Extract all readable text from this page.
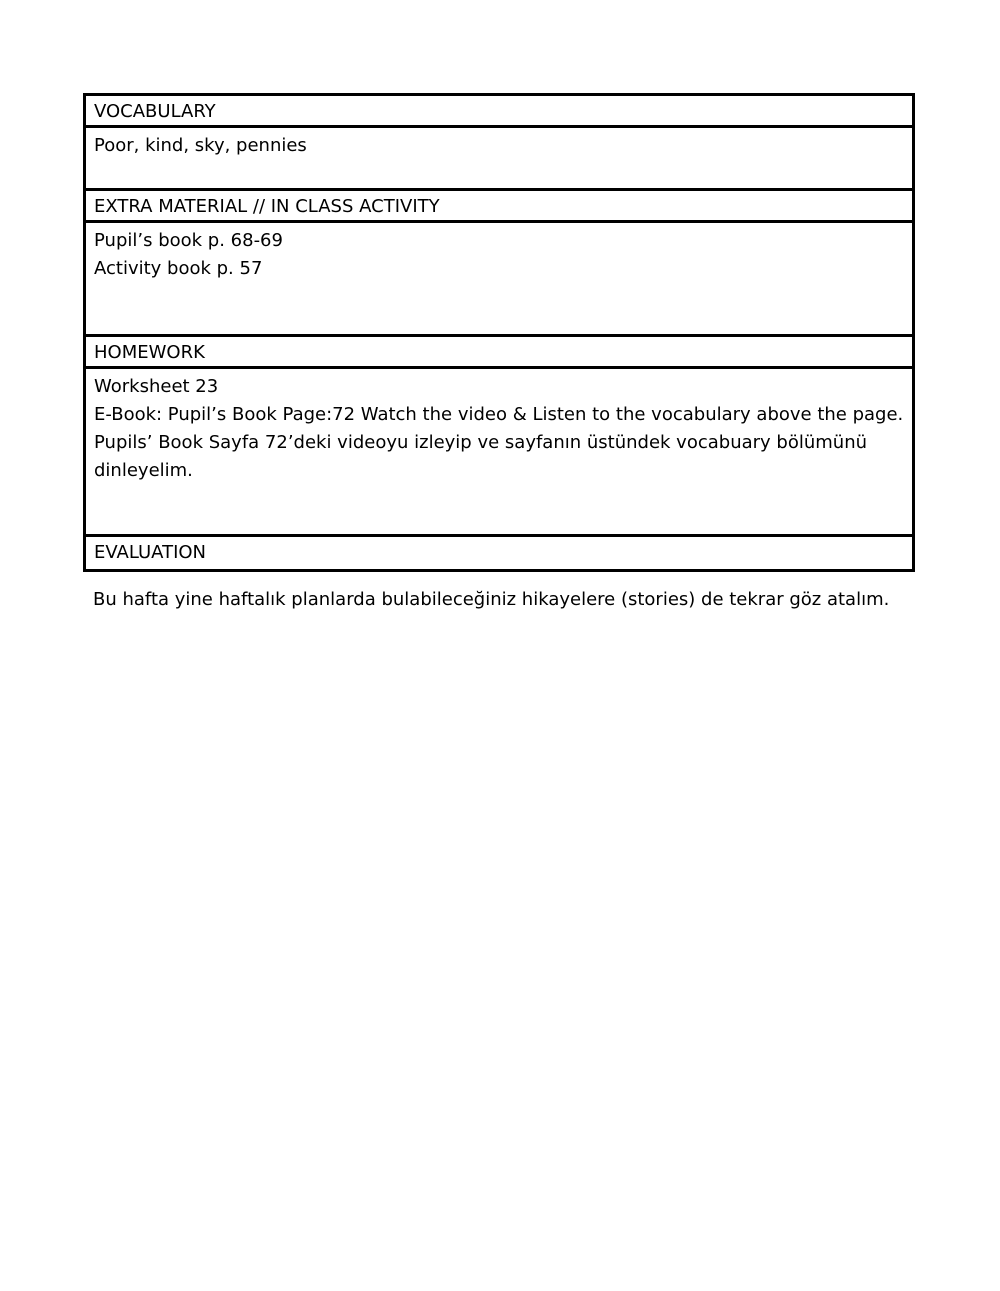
VOCABULARY
Poor, kind, sky, pennies
EXTRA MATERIAL // IN CLASS ACTIVITY
Pupil’s book p. 68-69
Activity book p. 57
HOMEWORK
Worksheet 23
E-Book: Pupil’s Book Page:72 Watch the video & Listen to the vocabulary above the page.
Pupils’ Book Sayfa 72’deki videoyu izleyip ve sayfanın üstündek vocabuary bölümünü
dinleyelim.
EVALUATION
Bu hafta yine haftalık planlarda bulabileceğiniz hikayelere (stories) de tekrar göz atalım.
